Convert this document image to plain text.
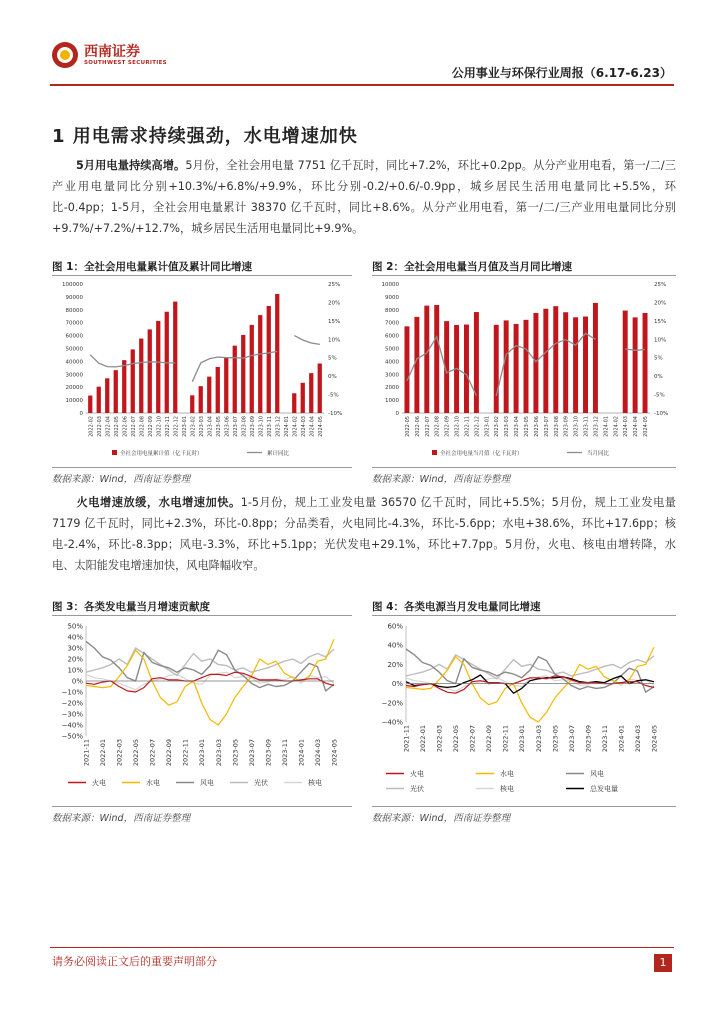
西南证券
SOUTHWEST SECURITIES
公用事业与环保行业周报（6.17-6.23）
1 用电需求持续强劲，水电增速加快
5月用电量持续高增。5月份，全社会用电量 7751 亿千瓦时，同比+7.2%，环比+0.2pp。从分产业用电看，第一/二/三产业用电量同比分别+10.3%/+6.8%/+9.9%，环比分别-0.2/+0.6/-0.9pp，城乡居民生活用电量同比+5.5%，环比-0.4pp；1-5月，全社会用电量累计 38370 亿千瓦时，同比+8.6%。从分产业用电看，第一/二/三产业用电量同比分别+9.7%/+7.2%/+12.7%，城乡居民生活用电量同比+9.9%。
图 1：全社会用电量累计值及累计同比增速	图 2：全社会用电量当月值及当月同比增速
0
10000
20000
30000
40000
50000
60000
70000
80000
90000
100000
-10%
-5%
0%
5%
10%
15%
20%
25%
2022-02 2022-03 2022-04 2022-05 2022-06 2022-07 2022-08 2022-09 2022-10 2022-11 2022-12 2023-01 2023-02 2023-03 2023-04 2023-05 2023-06 2023-07 2023-08 2023-09 2023-10 2023-11 2023-12 2024-01 2024-02 2024-03 2024-04 2024-05
全社会用电量累计值（亿千瓦时）	累计同比
0
1000
2000
3000
4000
5000
6000
7000
8000
9000
10000
-10%
-5%
0%
5%
10%
15%
20%
25%
2022-05 2022-06 2022-07 2022-08 2022-09 2022-10 2022-11 2022-12 2023-01 2023-02 2023-03 2023-04 2023-05 2023-06 2023-07 2023-08 2023-09 2023-10 2023-11 2023-12 2024-01 2024-02 2024-03 2024-04 2024-05
全社会用电量当月值（亿千瓦时）	当月同比
数据来源：Wind，西南证券整理	数据来源：Wind，西南证券整理
火电增速放缓，水电增速加快。1-5月份，规上工业发电量 36570 亿千瓦时，同比+5.5%；5月份，规上工业发电量 7179 亿千瓦时，同比+2.3%，环比-0.8pp；分品类看，火电同比-4.3%，环比-5.6pp；水电+38.6%，环比+17.6pp；核电-2.4%，环比-8.3pp；风电-3.3%，环比+5.1pp；光伏发电+29.1%，环比+7.7pp。5月份，火电、核电由增转降，水电、太阳能发电增速加快，风电降幅收窄。
图 3：各类发电量当月增速贡献度	图 4：各类电源当月发电量同比增速
50%
40%
30%
20%
10%
0%
−10%
−20%
−30%
−40%
−50%
2021-11 2022-01 2022-03 2022-05 2022-07 2022-09 2022-11 2023-01 2023-03 2023-05 2023-07 2023-09 2023-11 2024-01 2024-03 2024-05
火电	水电	风电	光伏	核电
60%
40%
20%
0%
−20%
−40%
2021-11 2022-01 2022-03 2022-05 2022-07 2022-09 2022-11 2023-01 2023-03 2023-05 2023-07 2023-09 2023-11 2024-01 2024-03 2024-05
火电	水电	风电
光伏	核电	总发电量
数据来源：Wind，西南证券整理	数据来源：Wind，西南证券整理
请务必阅读正文后的重要声明部分	1
